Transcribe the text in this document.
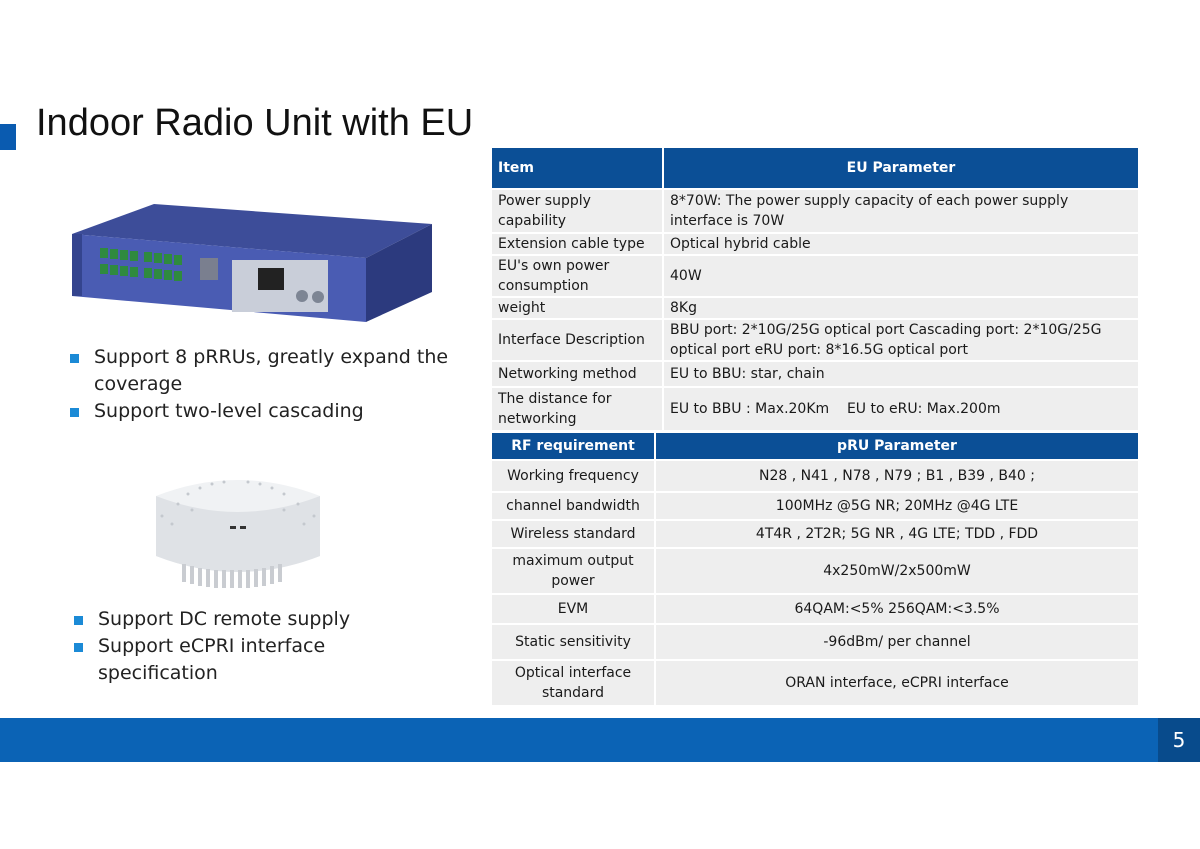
Indoor Radio Unit with EU
Support 8 pRRUs, greatly expand the coverage
Support two-level cascading
Support DC remote supply
Support eCPRI interface specification
Item	EU Parameter
Power supply capability	8*70W: The power supply capacity of each power supply interface is 70W
Extension cable type	Optical hybrid cable
EU's own power consumption	40W
weight	8Kg
Interface Description	BBU port: 2*10G/25G optical port Cascading port: 2*10G/25G optical port eRU port: 8*16.5G optical port
Networking method	EU to BBU: star, chain
The distance for networking	EU to BBU : Max.20Km    EU to eRU: Max.200m
RF requirement	pRU Parameter
Working frequency	N28 , N41 , N78 , N79 ; B1 , B39 , B40 ;
channel bandwidth	100MHz @5G NR; 20MHz @4G LTE
Wireless standard	4T4R , 2T2R; 5G NR , 4G LTE; TDD , FDD
maximum output power	4x250mW/2x500mW
EVM	64QAM:<5% 256QAM:<3.5%
Static sensitivity	-96dBm/ per channel
Optical interface standard	ORAN interface, eCPRI interface
5
